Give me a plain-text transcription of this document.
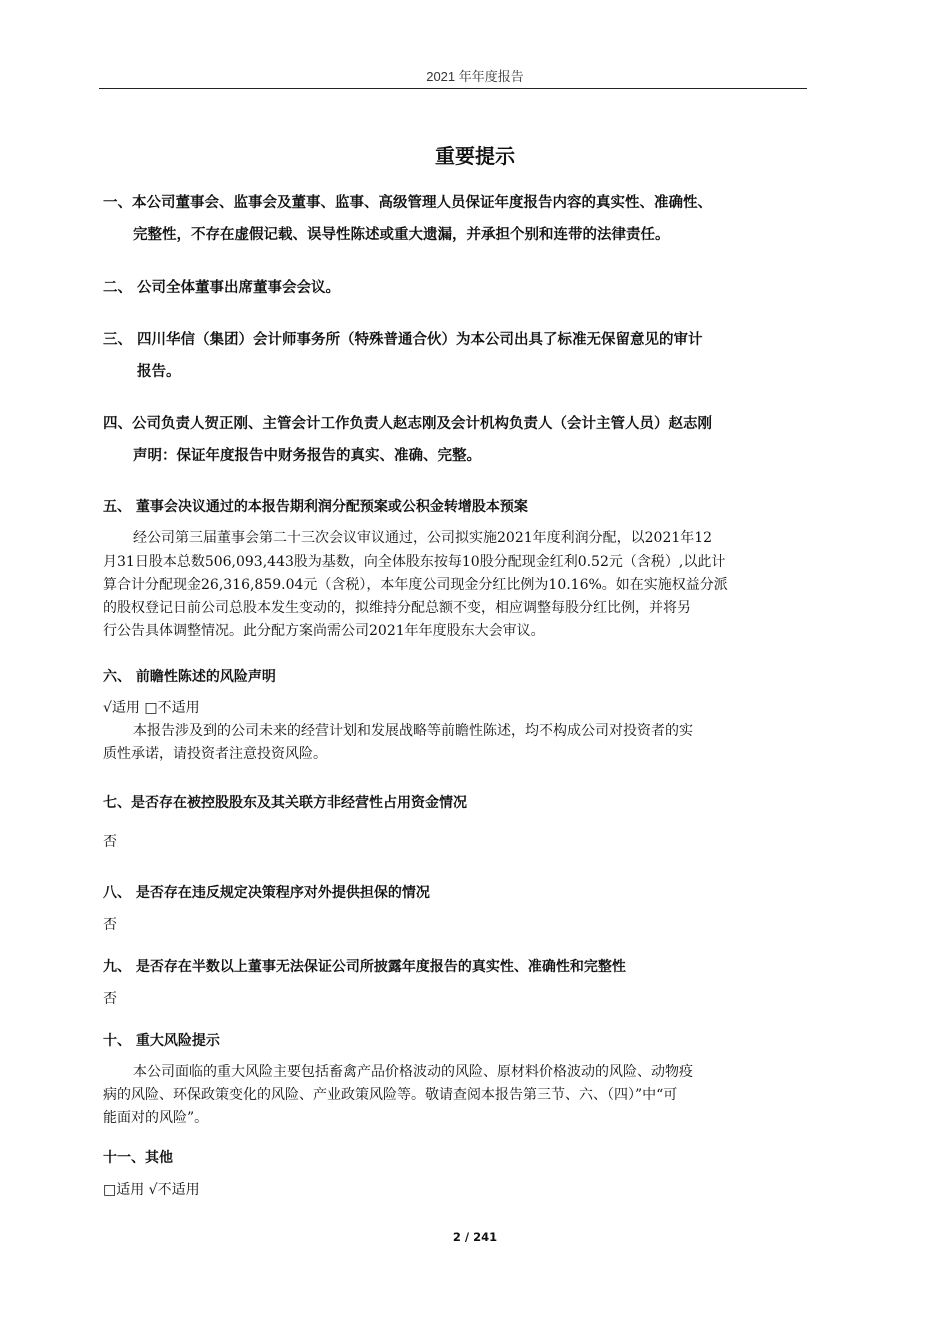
2021 年年度报告
重要提示
一、本公司董事会、监事会及董事、监事、高级管理人员保证年度报告内容的真实性、准确性、
完整性，不存在虚假记载、误导性陈述或重大遗漏，并承担个别和连带的法律责任。
二、 公司全体董事出席董事会会议。
三、 四川华信（集团）会计师事务所（特殊普通合伙）为本公司出具了标准无保留意见的审计
报告。
四、公司负责人贺正刚、主管会计工作负责人赵志刚及会计机构负责人（会计主管人员）赵志刚
声明：保证年度报告中财务报告的真实、准确、完整。
五、 董事会决议通过的本报告期利润分配预案或公积金转增股本预案
经公司第三届董事会第二十三次会议审议通过，公司拟实施2021年度利润分配，以2021年12
月31日股本总数506,093,443股为基数，向全体股东按每10股分配现金红利0.52元（含税）,以此计
算合计分配现金26,316,859.04元（含税），本年度公司现金分红比例为10.16%。如在实施权益分派
的股权登记日前公司总股本发生变动的，拟维持分配总额不变，相应调整每股分红比例，并将另
行公告具体调整情况。此分配方案尚需公司2021年年度股东大会审议。
六、 前瞻性陈述的风险声明
√适用 □不适用
本报告涉及到的公司未来的经营计划和发展战略等前瞻性陈述，均不构成公司对投资者的实
质性承诺，请投资者注意投资风险。
七、是否存在被控股股东及其关联方非经营性占用资金情况
否
八、 是否存在违反规定决策程序对外提供担保的情况
否
九、 是否存在半数以上董事无法保证公司所披露年度报告的真实性、准确性和完整性
否
十、 重大风险提示
本公司面临的重大风险主要包括畜禽产品价格波动的风险、原材料价格波动的风险、动物疫
病的风险、环保政策变化的风险、产业政策风险等。敬请查阅本报告第三节、六、（四）”中“可
能面对的风险”。
十一、其他
□适用 √不适用
2 / 241
